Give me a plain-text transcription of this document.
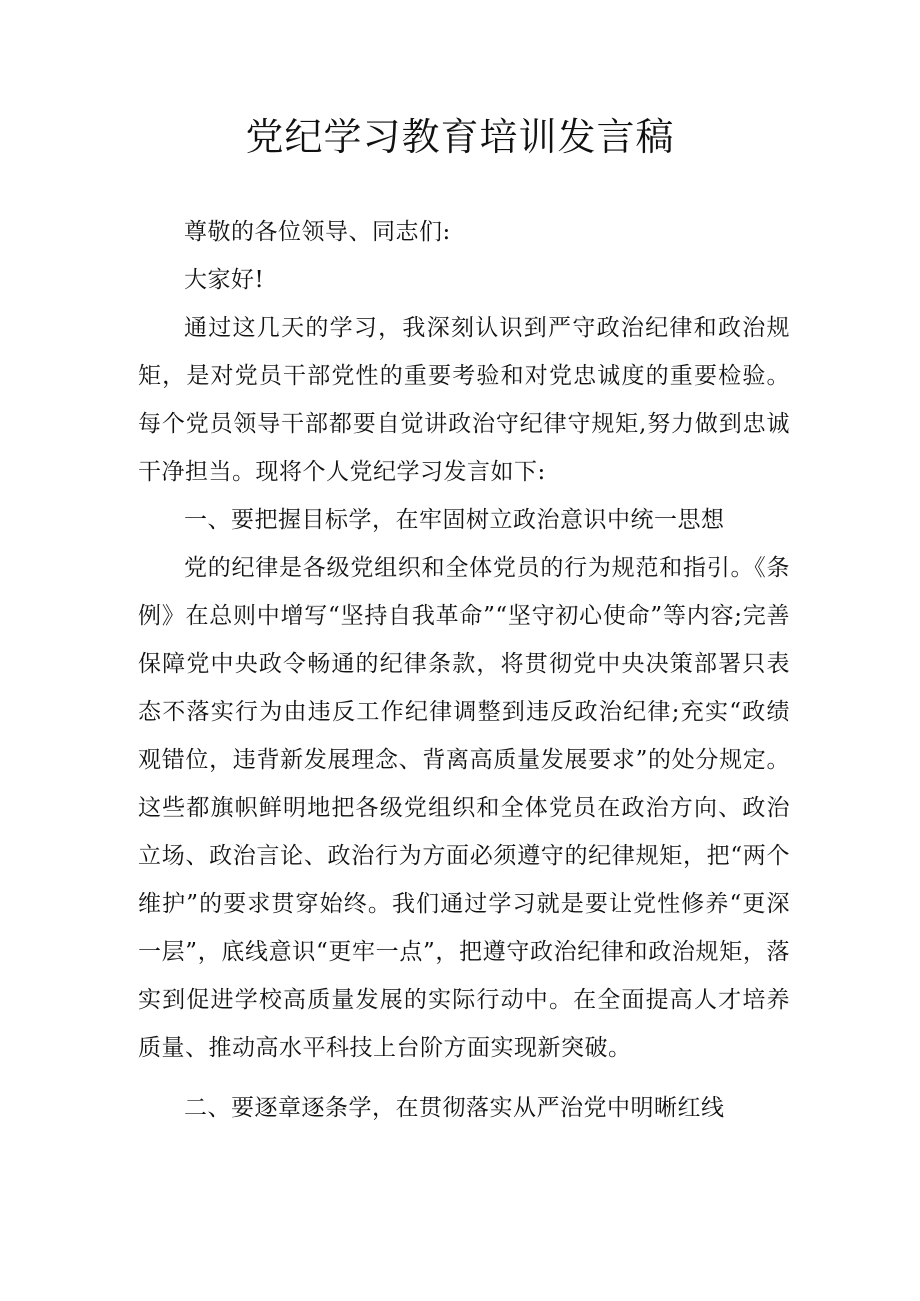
党纪学习教育培训发言稿

尊敬的各位领导、同志们:

大家好!

通过这几天的学习，我深刻认识到严守政治纪律和政治规矩，是对党员干部党性的重要考验和对党忠诚度的重要检验。每个党员领导干部都要自觉讲政治守纪律守规矩,努力做到忠诚干净担当。现将个人党纪学习发言如下:

一、要把握目标学，在牢固树立政治意识中统一思想

党的纪律是各级党组织和全体党员的行为规范和指引。《条例》在总则中增写“坚持自我革命”“坚守初心使命”等内容;完善保障党中央政令畅通的纪律条款，将贯彻党中央决策部署只表态不落实行为由违反工作纪律调整到违反政治纪律;充实“政绩观错位，违背新发展理念、背离高质量发展要求”的处分规定。这些都旗帜鲜明地把各级党组织和全体党员在政治方向、政治立场、政治言论、政治行为方面必须遵守的纪律规矩，把“两个维护”的要求贯穿始终。我们通过学习就是要让党性修养“更深一层”，底线意识“更牢一点”，把遵守政治纪律和政治规矩，落实到促进学校高质量发展的实际行动中。在全面提高人才培养质量、推动高水平科技上台阶方面实现新突破。

二、要逐章逐条学，在贯彻落实从严治党中明晰红线
